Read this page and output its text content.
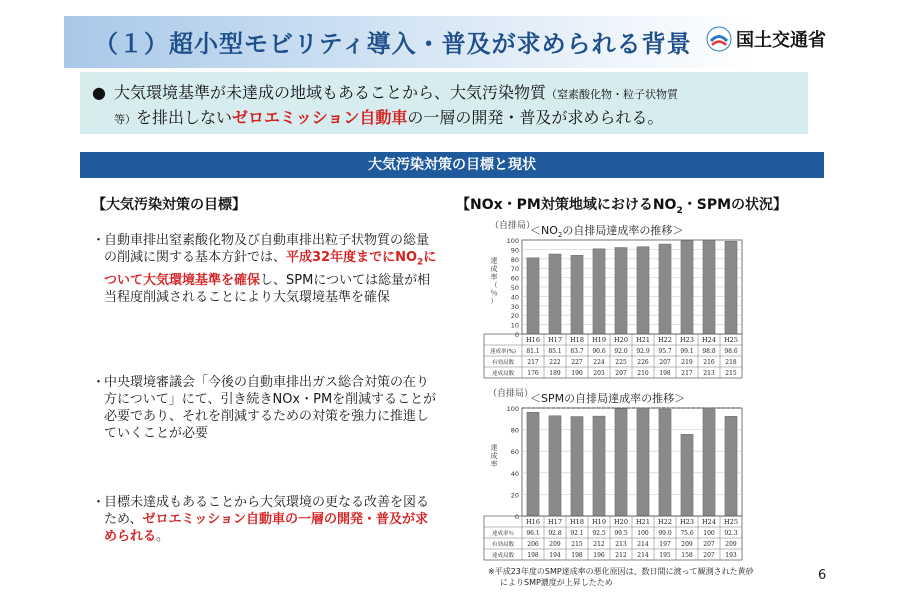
（１）超小型モビリティ導入・普及が求められる背景 国土交通省
● 大気環境基準が未達成の地域もあることから、大気汚染物質（窒素酸化物・粒子状物質
等）を排出しないゼロエミッション自動車の一層の開発・普及が求められる。
大気汚染対策の目標と現状
【大気汚染対策の目標】
・
自動車排出窒素酸化物及び自動車排出粒子状物質の総量の削減に関する基本方針では、平成32年度までに$NO_2$について大気環境基準を確保し、SPMについては総量が相当程度削減されることにより大気環境基準を確保
・
中央環境審議会「今後の自動車排出ガス総合対策の在り方について」にて、引き続きNOx・PMを削減することが必要であり、それを削減するための対策を強力に推進していくことが必要
・
目標未達成もあることから大気環境の更なる改善を図るため、ゼロエミッション自動車の一層の開発・普及が求められる。
【NOx・PM対策地域における$NO_2$・SPMの状況】
（自排局）
$<NO_2$の自排局達成率の推移＞
0
10
20
30
40
50
60
70
80
90
100
達成率（％）
H16 H17 H18 H19 H20 H21 H22 H23 H24 H25
達成率(%) 81.1 85.1 83.7 90.6 92.0 92.9 95.7 99.1 98.8 98.6
有効局数 217 222 227 224 225 226 207 219 216 218
達成局数 176 189 190 203 207 210 198 217 213 215
（自排局）
＜SPMの自排局達成率の推移＞
0
20
40
60
80
100
達成率
H16 H17 H18 H19 H20 H21 H22 H23 H24 H25
達成率％ 96.1 92.8 92.1 92.5 99.5 100 99.0 75.6 100 92.3
有効局数 206 209 215 212 213 214 197 209 207 209
達成局数 198 194 198 196 212 214 195 158 207 193
※平成23年度のSMP達成率の悪化原因は、数日間に渡って観測された黄砂
によりSMP濃度が上昇したため	6
